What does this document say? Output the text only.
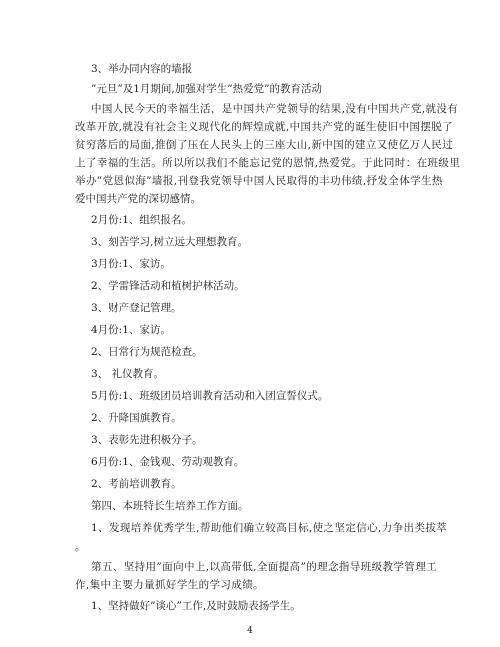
3、举办同内容的墙报
”元旦”及1月期间,加强对学生”热爱党”的教育活动
中国人民今天的幸福生活，是中国共产党领导的结果,没有中国共产党,就没有
改革开放,就没有社会主义现代化的辉煌成就,中国共产党的诞生使旧中国摆脱了
贫穷落后的局面,推倒了压在人民头上的三座大山,新中国的建立又使亿万人民过
上了幸福的生活。所以所以我们不能忘记党的恩情,热爱党。于此同时：在班级里
举办”党恩似海”墙报,刊登我党领导中国人民取得的丰功伟绩,抒发全体学生热
爱中国共产党的深切感情。
2月份:1、组织报名。
3、刻苦学习,树立远大理想教育。
3月份:1、家访。
2、学雷锋活动和植树护林活动。
3、财产登记管理。
4月份:1、家访。
2、日常行为规范检查。
3、 礼仪教育。
5月份:1、班级团员培训教育活动和入团宣誓仪式。
2、升降国旗教育。
3、表彰先进积极分子。
6月份:1、金钱观、劳动观教育。
2、考前培训教育。
第四、本班特长生培养工作方面。
1、发现培养优秀学生,帮助他们确立较高目标,使之坚定信心,力争出类拔萃
。
第五、坚持用”面向中上,以高带低,全面提高”的理念指导班级教学管理工
作,集中主要力量抓好学生的学习成绩。
1、坚持做好”谈心”工作,及时鼓励表扬学生。
4
